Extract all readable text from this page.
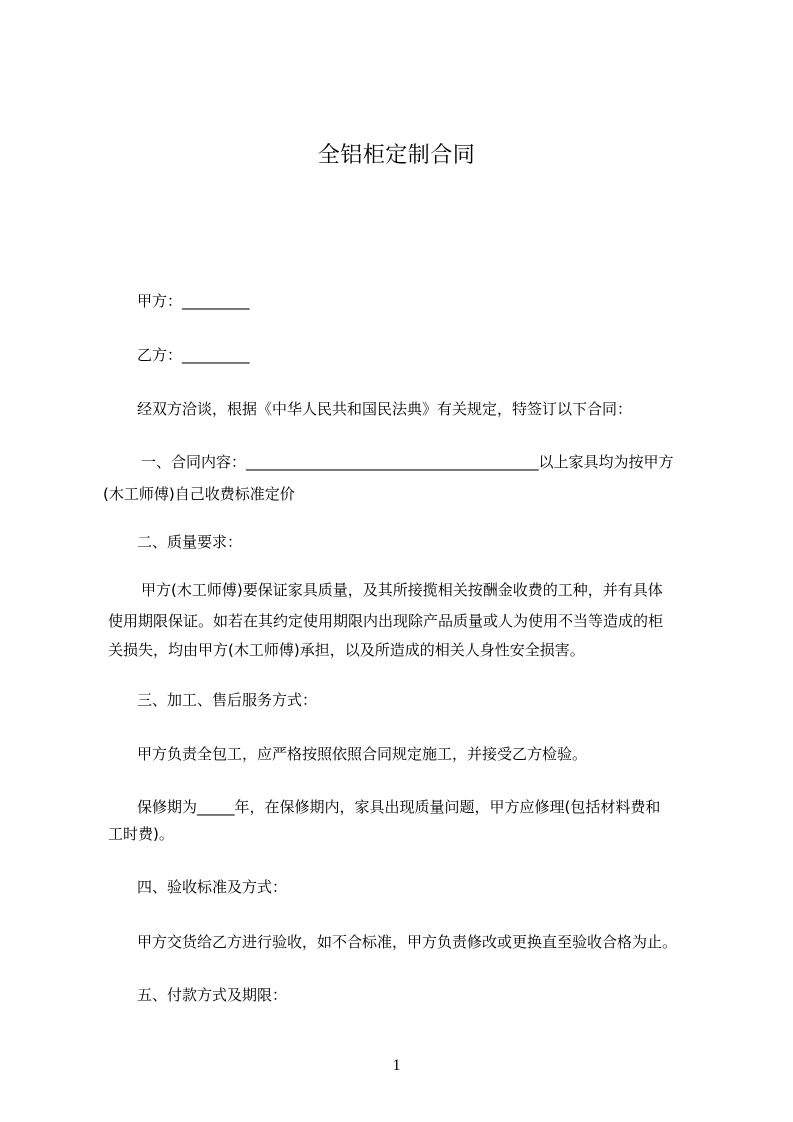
全铝柜定制合同
甲方：_________
乙方：_________
经双方洽谈，根据《中华人民共和国民法典》有关规定，特签订以下合同：
一、合同内容：_______________________________________以上家具均为按甲方
(木工师傅)自己收费标准定价
二、质量要求：
甲方(木工师傅)要保证家具质量，及其所接揽相关按酬金收费的工种，并有具体
使用期限保证。如若在其约定使用期限内出现除产品质量或人为使用不当等造成的柜
关损失，均由甲方(木工师傅)承担，以及所造成的相关人身性安全损害。
三、加工、售后服务方式：
甲方负责全包工，应严格按照依照合同规定施工，并接受乙方检验。
保修期为_____年，在保修期内，家具出现质量问题，甲方应修理(包括材料费和
工时费)。
四、验收标准及方式：
甲方交货给乙方进行验收，如不合标准，甲方负责修改或更换直至验收合格为止。
五、付款方式及期限：
1
